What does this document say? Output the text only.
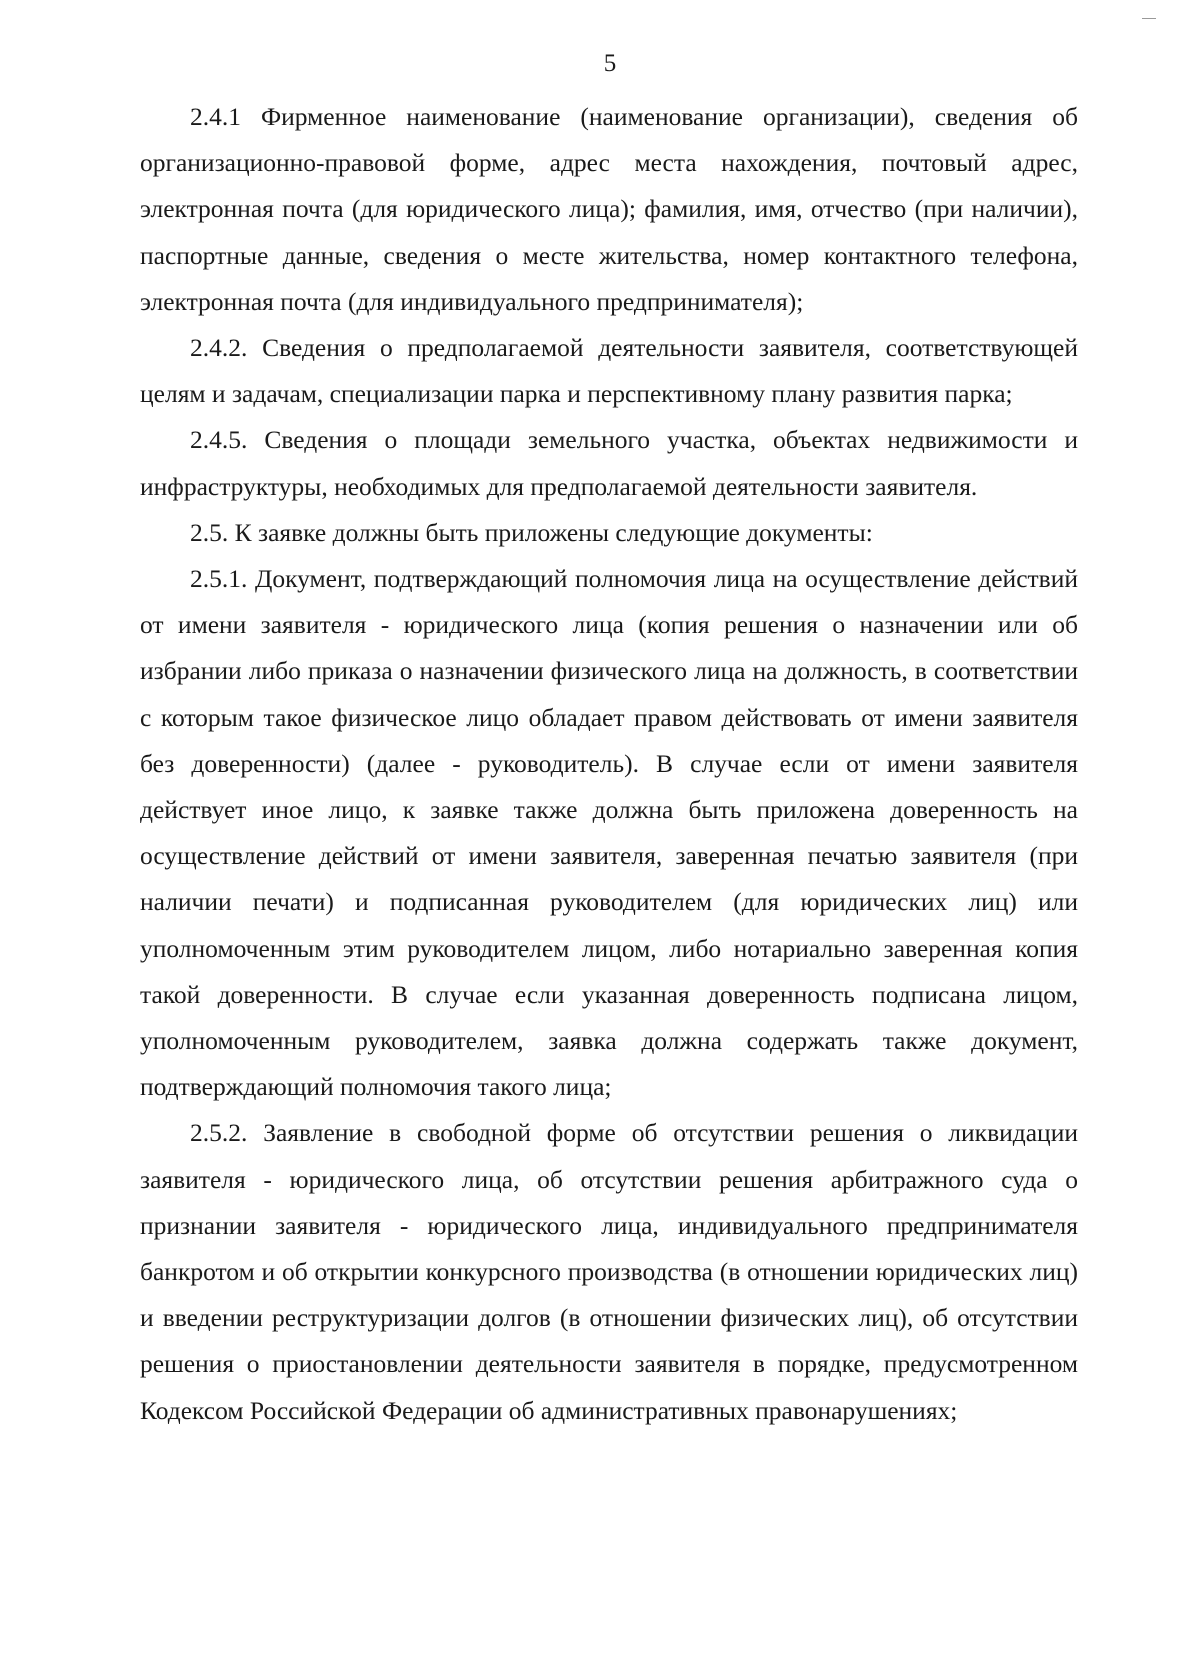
5

2.4.1 Фирменное наименование (наименование организации), сведения об организационно-правовой форме, адрес места нахождения, почтовый адрес, электронная почта (для юридического лица); фамилия, имя, отчество (при наличии), паспортные данные, сведения о месте жительства, номер контактного телефона, электронная почта (для индивидуального предпринимателя);

2.4.2. Сведения о предполагаемой деятельности заявителя, соответствующей целям и задачам, специализации парка и перспективному плану развития парка;

2.4.5. Сведения о площади земельного участка, объектах недвижимости и инфраструктуры, необходимых для предполагаемой деятельности заявителя.

2.5. К заявке должны быть приложены следующие документы:

2.5.1. Документ, подтверждающий полномочия лица на осуществление действий от имени заявителя - юридического лица (копия решения о назначении или об избрании либо приказа о назначении физического лица на должность, в соответствии с которым такое физическое лицо обладает правом действовать от имени заявителя без доверенности) (далее - руководитель). В случае если от имени заявителя действует иное лицо, к заявке также должна быть приложена доверенность на осуществление действий от имени заявителя, заверенная печатью заявителя (при наличии печати) и подписанная руководителем (для юридических лиц) или уполномоченным этим руководителем лицом, либо нотариально заверенная копия такой доверенности. В случае если указанная доверенность подписана лицом, уполномоченным руководителем, заявка должна содержать также документ, подтверждающий полномочия такого лица;

2.5.2. Заявление в свободной форме об отсутствии решения о ликвидации заявителя - юридического лица, об отсутствии решения арбитражного суда о признании заявителя - юридического лица, индивидуального предпринимателя банкротом и об открытии конкурсного производства (в отношении юридических лиц) и введении реструктуризации долгов (в отношении физических лиц), об отсутствии решения о приостановлении деятельности заявителя в порядке, предусмотренном Кодексом Российской Федерации об административных правонарушениях;
